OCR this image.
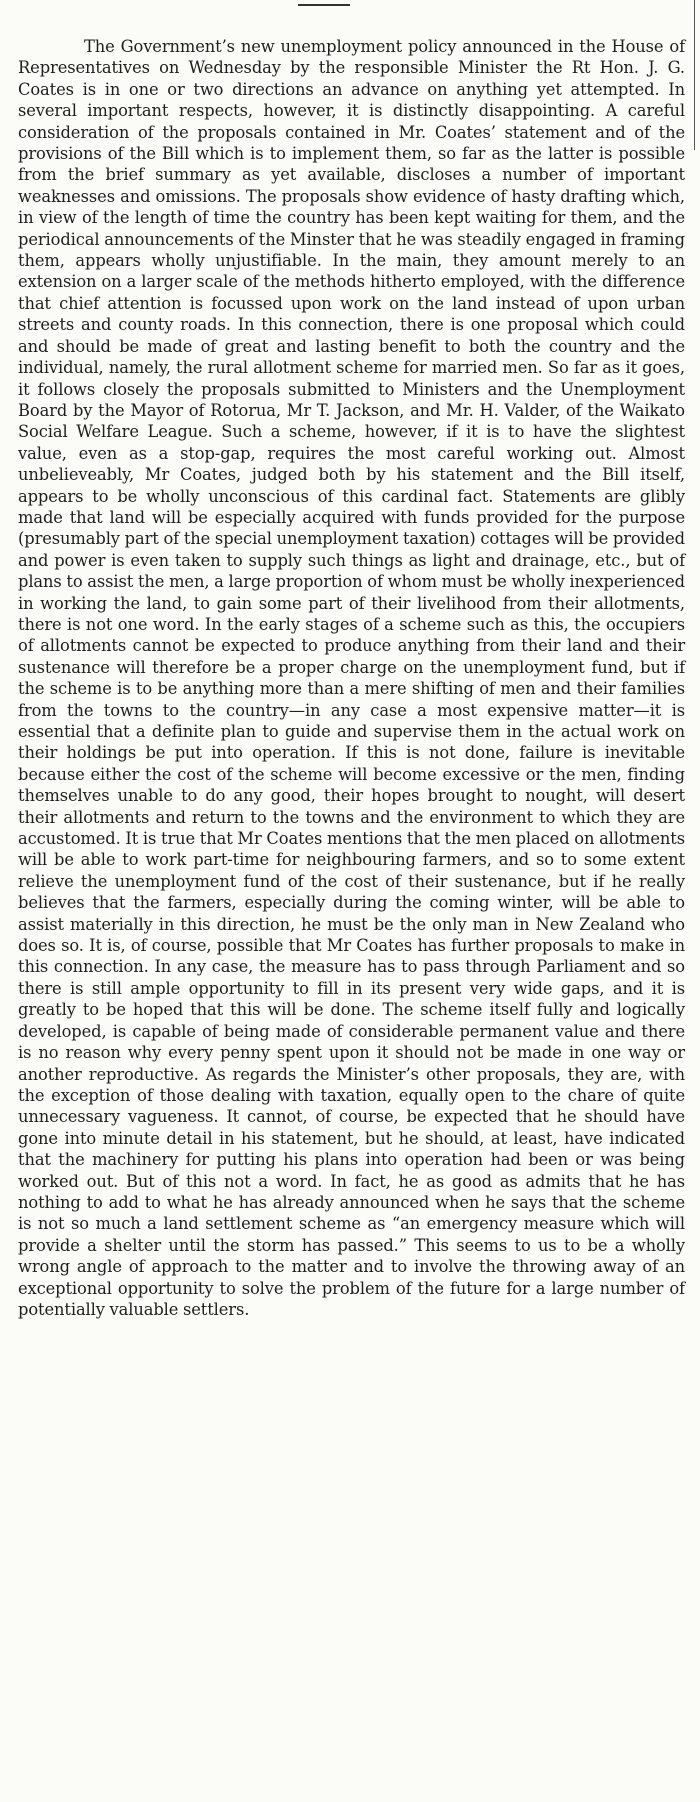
The Government’s new unemployment policy announced in the House of Representatives on Wednesday by the responsible Minister the Rt Hon. J. G. Coates is in one or two directions an advance on anything yet attempted. In several important respects, however, it is distinctly disappointing. A careful consideration of the proposals contained in Mr. Coates’ statement and of the provisions of the Bill which is to implement them, so far as the latter is possible from the brief summary as yet available, discloses a number of important weaknesses and omissions. The proposals show evidence of hasty drafting which, in view of the length of time the country has been kept waiting for them, and the periodical announcements of the Minster that he was steadily engaged in framing them, appears wholly unjustifiable. In the main, they amount merely to an extension on a larger scale of the methods hitherto employed, with the difference that chief attention is focussed upon work on the land instead of upon urban streets and county roads. In this connection, there is one proposal which could and should be made of great and lasting benefit to both the country and the individual, namely, the rural allotment scheme for married men. So far as it goes, it follows closely the proposals submitted to Ministers and the Unemployment Board by the Mayor of Rotorua, Mr T. Jackson, and Mr. H. Valder, of the Waikato Social Welfare League. Such a scheme, however, if it is to have the slightest value, even as a stop-gap, requires the most careful working out. Almost unbelieveably, Mr Coates, judged both by his statement and the Bill itself, appears to be wholly unconscious of this cardinal fact. Statements are glibly made that land will be especially acquired with funds provided for the purpose (presumably part of the special unemployment taxation) cottages will be provided and power is even taken to supply such things as light and drainage, etc., but of plans to assist the men, a large proportion of whom must be wholly inexperienced in working the land, to gain some part of their livelihood from their allotments, there is not one word. In the early stages of a scheme such as this, the occupiers of allotments cannot be expected to produce anything from their land and their sustenance will therefore be a proper charge on the unemployment fund, but if the scheme is to be anything more than a mere shifting of men and their families from the towns to the country—in any case a most expensive matter—it is essential that a definite plan to guide and supervise them in the actual work on their holdings be put into operation. If this is not done, failure is inevitable because either the cost of the scheme will become excessive or the men, finding themselves unable to do any good, their hopes brought to nought, will desert their allotments and return to the towns and the environment to which they are accustomed. It is true that Mr Coates mentions that the men placed on allotments will be able to work part-time for neighbouring farmers, and so to some extent relieve the unemployment fund of the cost of their sustenance, but if he really believes that the farmers, especially during the coming winter, will be able to assist materially in this direction, he must be the only man in New Zealand who does so. It is, of course, possible that Mr Coates has further proposals to make in this connection. In any case, the measure has to pass through Parliament and so there is still ample opportunity to fill in its present very wide gaps, and it is greatly to be hoped that this will be done. The scheme itself fully and logically developed, is capable of being made of considerable permanent value and there is no reason why every penny spent upon it should not be made in one way or another reproductive. As regards the Minister’s other proposals, they are, with the exception of those dealing with taxation, equally open to the chare of quite unnecessary vagueness. It cannot, of course, be expected that he should have gone into minute detail in his statement, but he should, at least, have indicated that the machinery for putting his plans into operation had been or was being worked out. But of this not a word. In fact, he as good as admits that he has nothing to add to what he has already announced when he says that the scheme is not so much a land settlement scheme as “an emergency measure which will provide a shelter until the storm has passed.” This seems to us to be a wholly wrong angle of approach to the matter and to involve the throwing away of an exceptional opportunity to solve the problem of the future for a large number of potentially valuable settlers.
